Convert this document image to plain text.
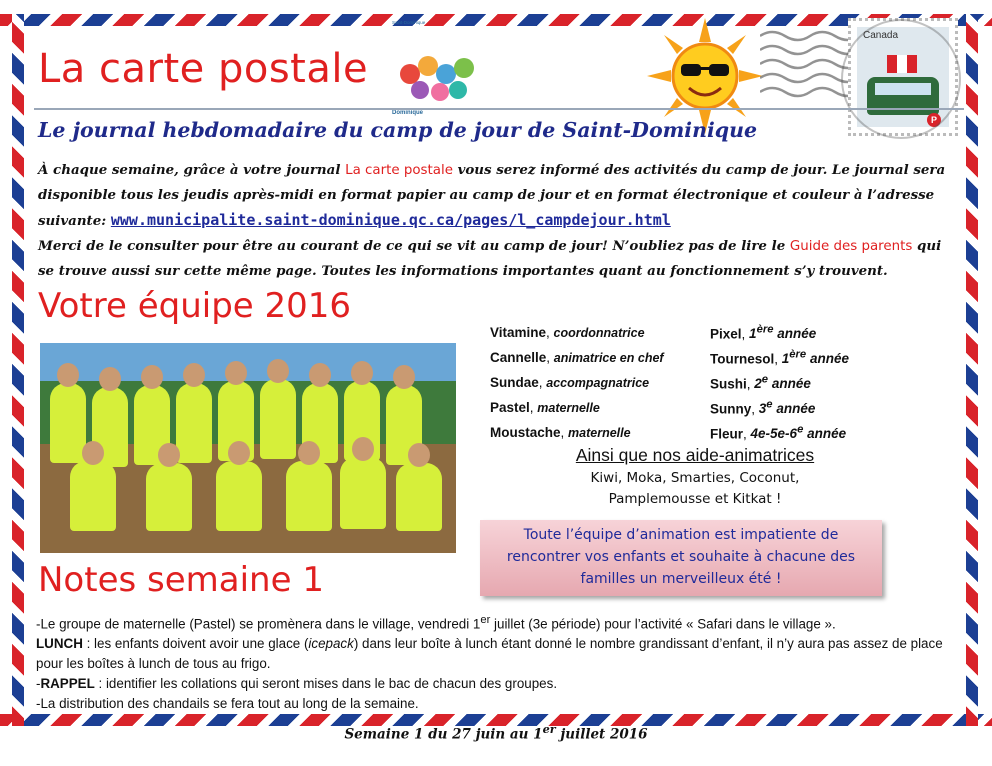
La carte postale
Saint-Dominique
Dominique
Canada
P
Le journal hebdomadaire du camp de jour de Saint-Dominique
À chaque semaine, grâce à votre journal La carte postale vous serez informé des activités du camp de jour. Le journal sera disponible tous les jeudis après-midi en format papier au camp de jour et en format électronique et couleur à l’adresse suivante: www.municipalite.saint-dominique.qc.ca/pages/l_campdejour.html
Merci de le consulter pour être au courant de ce qui se vit au camp de jour! N’oubliez pas de lire le Guide des parents qui se trouve aussi sur cette même page. Toutes les informations importantes quant au fonctionnement s’y trouvent.
Votre équipe 2016
Vitamine, coordonnatrice	Pixel, 1ère année
Cannelle, animatrice en chef	Tournesol, 1ère année
Sundae, accompagnatrice	Sushi, 2e année
Pastel, maternelle	Sunny, 3e année
Moustache, maternelle	Fleur, 4e-5e-6e année
Ainsi que nos aide-animatrices
Kiwi, Moka, Smarties, Coconut,
Pamplemousse et Kitkat !
Toute l’équipe d’animation est impatiente de
rencontrer vos enfants et souhaite à chacune des
familles un merveilleux été !
Notes semaine 1
-Le groupe de maternelle (Pastel) se promènera dans le village, vendredi 1er juillet (3e période) pour l’activité « Safari dans le village ».
LUNCH : les enfants doivent avoir une glace (icepack) dans leur boîte à lunch étant donné le nombre grandissant d’enfant, il n’y aura pas assez de place pour les boîtes à lunch de tous au frigo.
-RAPPEL : identifier les collations qui seront mises dans le bac de chacun des groupes.
-La distribution des chandails se fera tout au long de la semaine.
Semaine 1 du 27 juin au 1er juillet 2016
